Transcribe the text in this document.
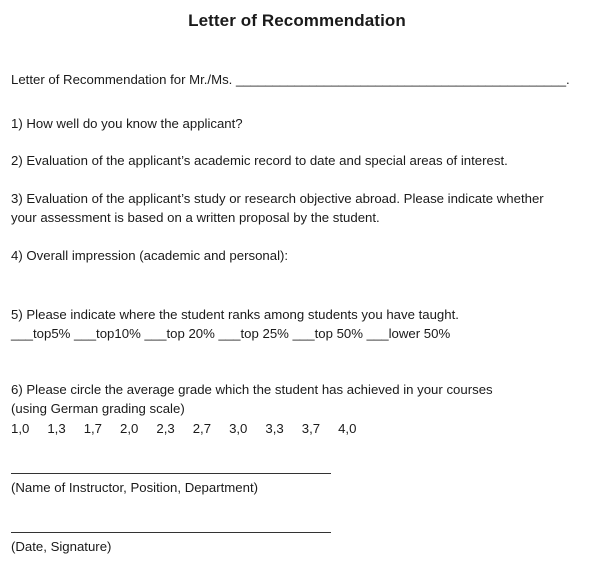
Letter of Recommendation
Letter of Recommendation for Mr./Ms. _____________________________________________.
1) How well do you know the applicant?
2) Evaluation of the applicant’s academic record to date and special areas of interest.
3) Evaluation of the applicant’s study or research objective abroad. Please indicate whether
your assessment is based on a written proposal by the student.
4) Overall impression (academic and personal):
5) Please indicate where the student ranks among students you have taught.
___top5% ___top10% ___top 20% ___top 25% ___top 50% ___lower 50%
6) Please circle the average grade which the student has achieved in your courses
(using German grading scale)
1,0 1,3 1,7 2,0 2,3 2,7 3,0 3,3 3,7 4,0
(Name of Instructor, Position, Department)
(Date, Signature)
